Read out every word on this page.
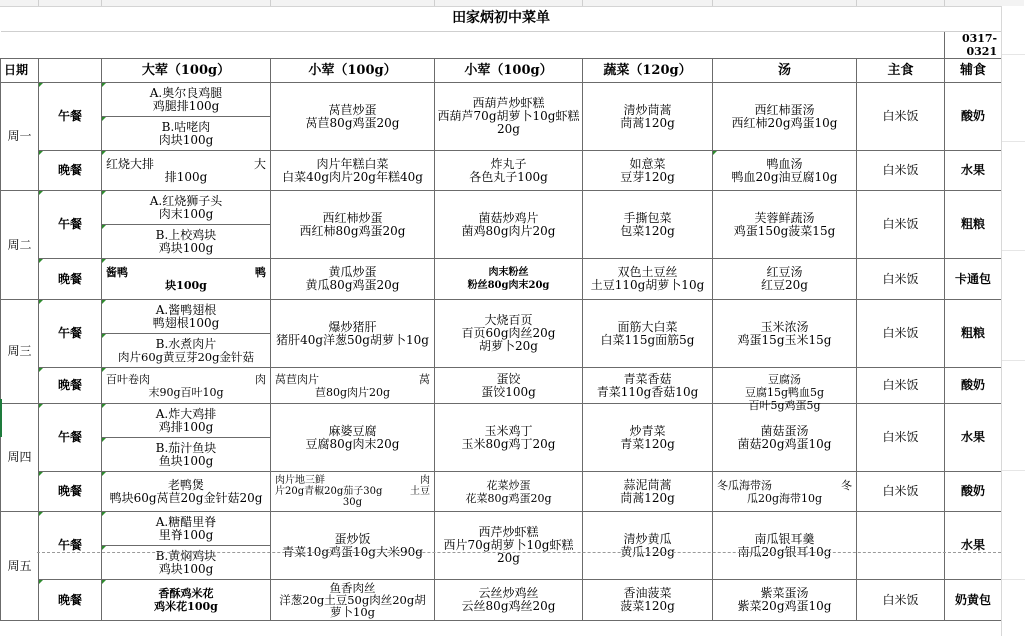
田家炳初中菜单								
								0317-0321
日期		大荤（100g）	小荤（100g）	小荤（100g）	蔬菜（120g）	汤	主食	辅食
周一	午餐	A.奥尔良鸡腿
鸡腿排100g	莴苣炒蛋
莴苣80g鸡蛋20g	西葫芦炒虾糕
西葫芦70g胡萝卜10g虾糕20g	清炒茼蒿
茼蒿120g	西红柿蛋汤
西红柿20g鸡蛋10g	白米饭	酸奶

		B.咕咾肉
肉块100g						

	晚餐	红烧大排 大
排100g	肉片年糕白菜
白菜40g肉片20g年糕40g	炸丸子
各色丸子100g	如意菜
豆芽120g	鸭血汤
鸭血20g油豆腐10g	白米饭	水果
周二	午餐	A.红烧狮子头
肉末100g	西红柿炒蛋
西红柿80g鸡蛋20g	菌菇炒鸡片
菌鸡80g肉片20g	手撕包菜
包菜120g	芙蓉鲜蔬汤
鸡蛋150g菠菜15g	白米饭	粗粮

		B.上校鸡块
鸡块100g						

	晚餐	酱鸭 鸭
块100g	黄瓜炒蛋
黄瓜80g鸡蛋20g	肉末粉丝
粉丝80g肉末20g	双色土豆丝
土豆110g胡萝卜10g	红豆汤
红豆20g	白米饭	卡通包
周三	午餐	A.酱鸭翅根
鸭翅根100g	爆炒猪肝
猪肝40g洋葱50g胡萝卜10g	大烧百页
百页60g肉丝20g
胡萝卜20g	面筋大白菜
白菜115g面筋5g	玉米浓汤
鸡蛋15g玉米15g	白米饭	粗粮

		B.水煮肉片
肉片60g黄豆芽20g金针菇						

	晚餐	百叶卷肉 肉
末90g百叶10g	莴苣肉片 莴
苣80g肉片20g	蛋饺
蛋饺100g	青菜香菇
青菜110g香菇10g	豆腐汤
豆腐15g鸭血5g
百叶5g鸡蛋5g	白米饭	酸奶
周四	午餐	A.炸大鸡排
鸡排100g	麻婆豆腐
豆腐80g肉末20g	玉米鸡丁
玉米80g鸡丁20g	炒青菜
青菜120g	菌菇蛋汤
菌菇20g鸡蛋10g	白米饭	水果

		B.茄汁鱼块
鱼块100g						

	晚餐	老鸭煲
鸭块60g莴苣20g金针菇20g	肉片地三鲜 肉
片20g青椒20g茄子30g 土豆
30g	花菜炒蛋
花菜80g鸡蛋20g	蒜泥茼蒿
茼蒿120g	冬瓜海带汤 冬
瓜20g海带10g	白米饭	酸奶
周五	午餐	A.糖醋里脊
里脊100g	蛋炒饭
青菜10g鸡蛋10g大米90g	西芹炒虾糕
西片70g胡萝卜10g虾糕
20g	清炒黄瓜
黄瓜120g	南瓜银耳羹
南瓜20g银耳10g		水果

		B.黄焖鸡块
鸡块100g						

	晚餐	香酥鸡米花
鸡米花100g	鱼香肉丝
洋葱20g土豆50g肉丝20g胡
萝卜10g	云丝炒鸡丝
云丝80g鸡丝20g	香油菠菜
菠菜120g	紫菜蛋汤
紫菜20g鸡蛋10g	白米饭	奶黄包
